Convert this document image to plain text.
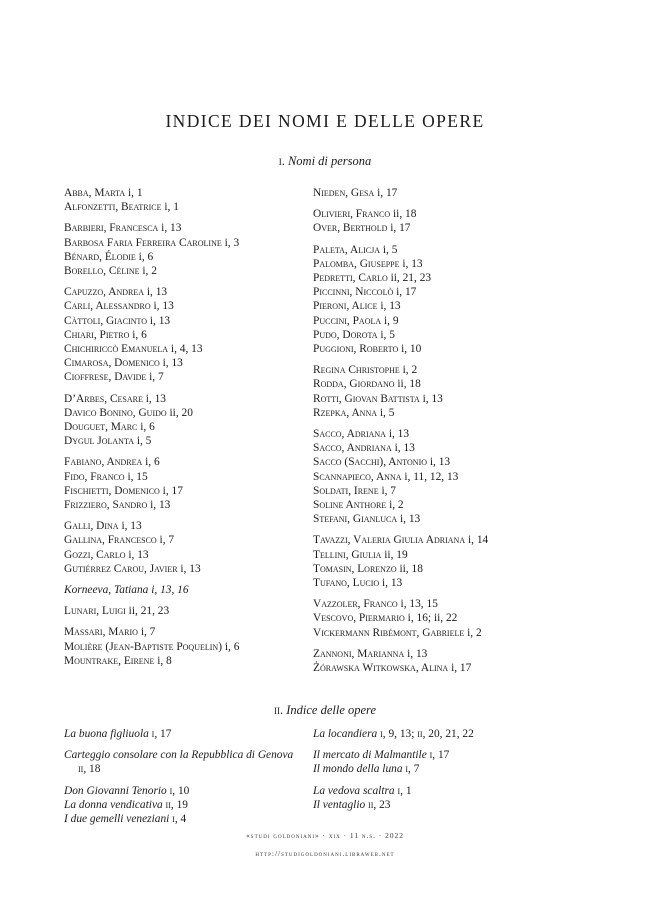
INDICE DEI NOMI E DELLE OPERE
i. Nomi di persona
Abba, Marta i, 1
Alfonzetti, Beatrice i, 1
Barbieri, Francesca i, 13
Barbosa Faria Ferreira Caroline i, 3
Bénard, Élodie i, 6
Borello, Céline i, 2
Capuzzo, Andrea i, 13
Carli, Alessandro i, 13
Càttoli, Giacinto i, 13
Chiari, Pietro i, 6
Chichiriccò Emanuela i, 4, 13
Cimarosa, Domenico i, 13
Cioffrese, Davide i, 7
D’Arbes, Cesare i, 13
Davico Bonino, Guido ii, 20
Douguet, Marc i, 6
Dygul Jolanta i, 5
Fabiano, Andrea i, 6
Fido, Franco i, 15
Fischietti, Domenico i, 17
Frizziero, Sandro i, 13
Galli, Dina i, 13
Gallina, Francesco i, 7
Gozzi, Carlo i, 13
Gutiérrez Carou, Javier i, 13
Korneeva, Tatiana i, 13, 16
Lunari, Luigi ii, 21, 23
Massari, Mario i, 7
Molière (Jean-Baptiste Poquelin) i, 6
Mountrake, Eirene i, 8
Nieden, Gesa i, 17
Olivieri, Franco ii, 18
Over, Berthold i, 17
Paleta, Alicja i, 5
Palomba, Giuseppe i, 13
Pedretti, Carlo ii, 21, 23
Piccinni, Niccolò i, 17
Pieroni, Alice i, 13
Puccini, Paola i, 9
Pudo, Dorota i, 5
Puggioni, Roberto i, 10
Regina Christophe i, 2
Rodda, Giordano ii, 18
Rotti, Giovan Battista i, 13
Rzepka, Anna i, 5
Sacco, Adriana i, 13
Sacco, Andriana i, 13
Sacco (Sacchi), Antonio i, 13
Scannapieco, Anna i, 11, 12, 13
Soldati, Irene i, 7
Soline Anthore i, 2
Stefani, Gianluca i, 13
Tavazzi, Valeria Giulia Adriana i, 14
Tellini, Giulia ii, 19
Tomasin, Lorenzo ii, 18
Tufano, Lucio i, 13
Vazzoler, Franco i, 13, 15
Vescovo, Piermario i, 16; ii, 22
Vickermann Ribémont, Gabriele i, 2
Zannoni, Marianna i, 13
Żórawska Witkowska, Alina i, 17
ii. Indice delle opere
La buona figliuola i, 17
Carteggio consolare con la Repubblica di Genova
ii, 18
Don Giovanni Tenorio i, 10
La donna vendicativa ii, 19
I due gemelli veneziani i, 4
La locandiera i, 9, 13; ii, 20, 21, 22
Il mercato di Malmantile i, 17
Il mondo della luna i, 7
La vedova scaltra i, 1
Il ventaglio ii, 23
«studi goldoniani» · xix · 11 n.s. · 2022
http://studigoldoniani.libraweb.net
